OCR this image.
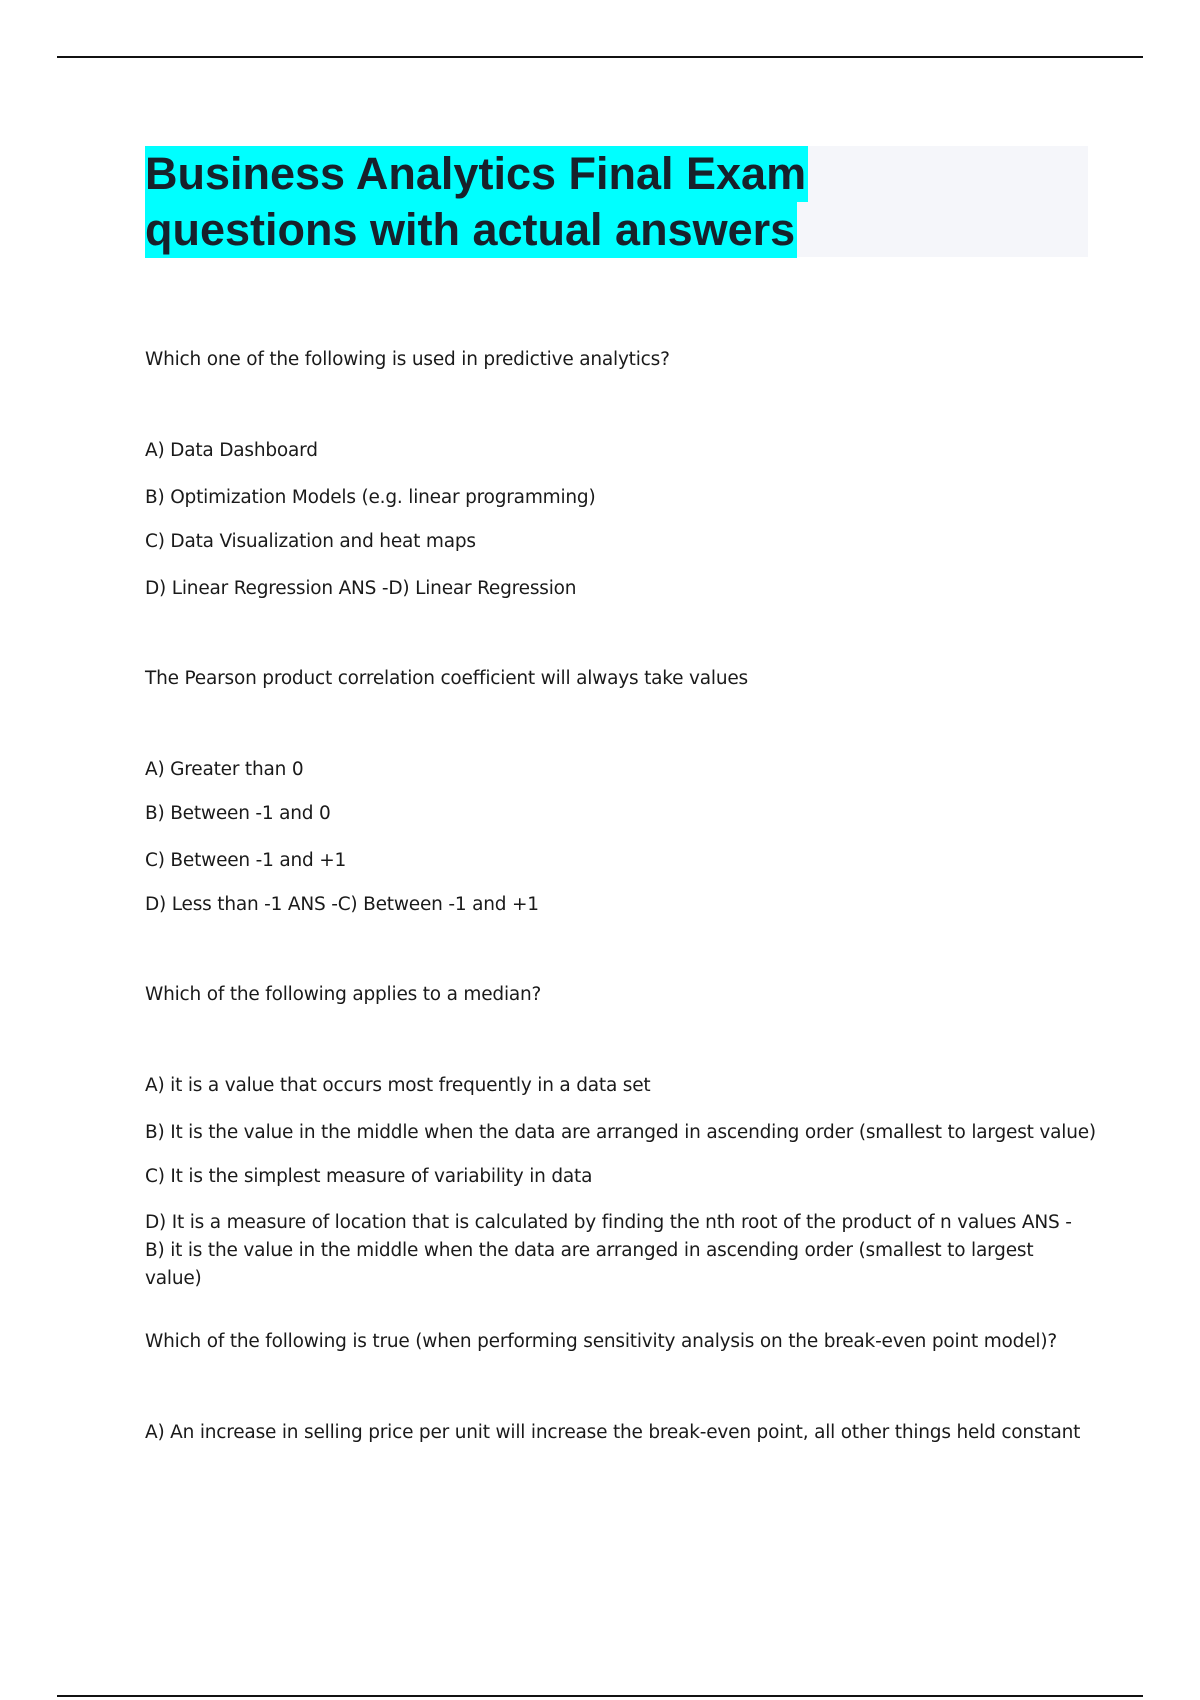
Business Analytics Final Exam
questions with actual answers
Which one of the following is used in predictive analytics?
A) Data Dashboard
B) Optimization Models (e.g. linear programming)
C) Data Visualization and heat maps
D) Linear Regression ANS -D) Linear Regression
The Pearson product correlation coefficient will always take values
A) Greater than 0
B) Between -1 and 0
C) Between -1 and +1
D) Less than -1 ANS -C) Between -1 and +1
Which of the following applies to a median?
A) it is a value that occurs most frequently in a data set
B) It is the value in the middle when the data are arranged in ascending order (smallest to largest value)
C) It is the simplest measure of variability in data
D) It is a measure of location that is calculated by finding the nth root of the product of n values ANS -B) it is the value in the middle when the data are arranged in ascending order (smallest to largest value)
Which of the following is true (when performing sensitivity analysis on the break-even point model)?
A) An increase in selling price per unit will increase the break-even point, all other things held constant
